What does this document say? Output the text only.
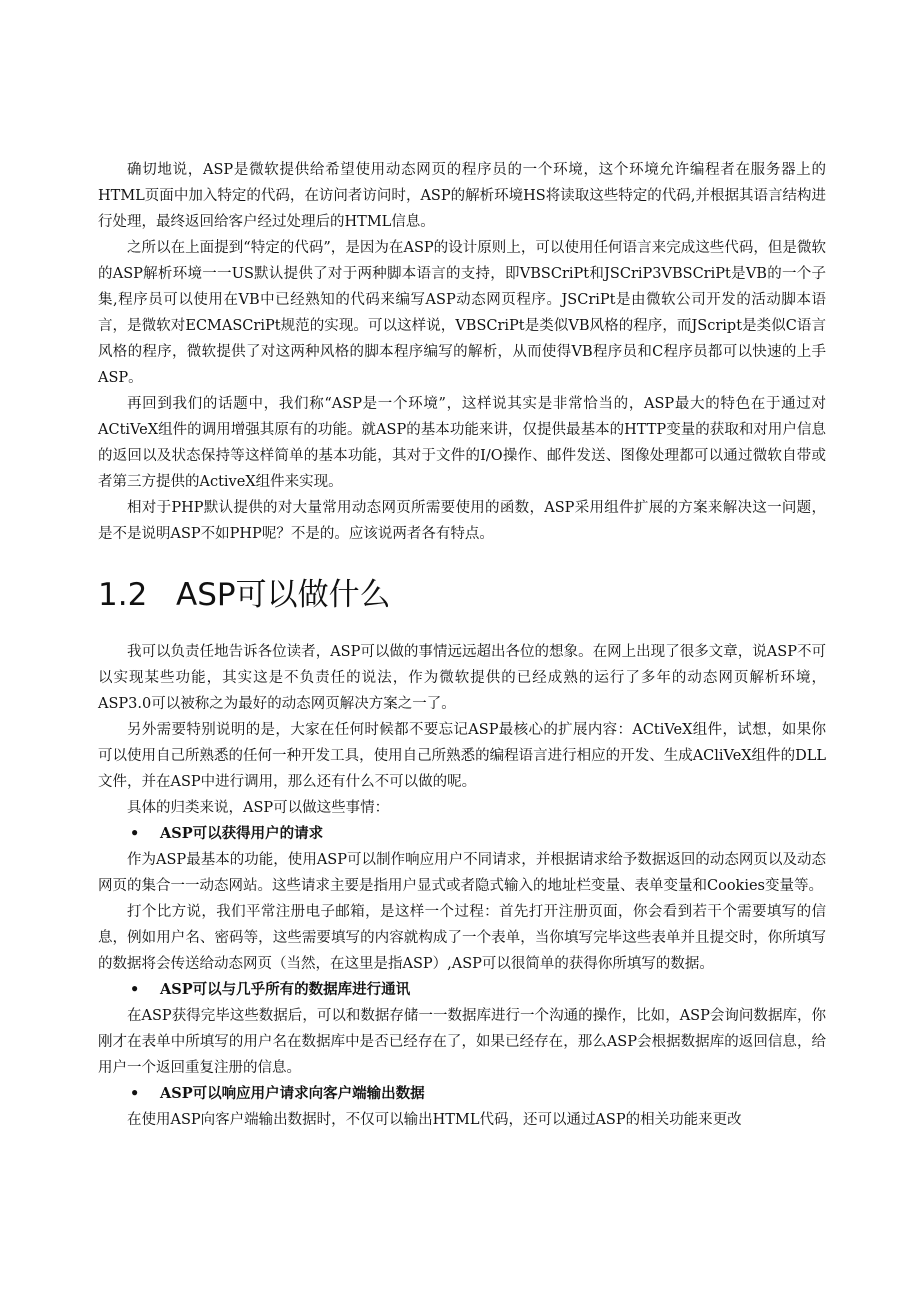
确切地说，ASP是微软提供给希望使用动态网页的程序员的一个环境，这个环境允许编程者在服务器上的HTML页面中加入特定的代码，在访问者访问时，ASP的解析环境HS将读取这些特定的代码,并根据其语言结构进行处理，最终返回给客户经过处理后的HTML信息。

之所以在上面提到“特定的代码”，是因为在ASP的设计原则上，可以使用任何语言来完成这些代码，但是微软的ASP解析环境一一US默认提供了对于两种脚本语言的支持，即VBSCriPt和JSCriP3VBSCriPt是VB的一个子集,程序员可以使用在VB中已经熟知的代码来编写ASP动态网页程序。JSCriPt是由微软公司开发的活动脚本语言，是微软对ECMASCriPt规范的实现。可以这样说，VBSCriPt是类似VB风格的程序，而JScript是类似C语言风格的程序，微软提供了对这两种风格的脚本程序编写的解析，从而使得VB程序员和C程序员都可以快速的上手ASP。

再回到我们的话题中，我们称“ASP是一个环境”，这样说其实是非常恰当的，ASP最大的特色在于通过对ACtiVeX组件的调用增强其原有的功能。就ASP的基本功能来讲，仅提供最基本的HTTP变量的获取和对用户信息的返回以及状态保持等这样简单的基本功能，其对于文件的I/O操作、邮件发送、图像处理都可以通过微软自带或者第三方提供的ActiveX组件来实现。

相对于PHP默认提供的对大量常用动态网页所需要使用的函数，ASP采用组件扩展的方案来解决这一问题，是不是说明ASP不如PHP呢？不是的。应该说两者各有特点。

1.2 ASP可以做什么

我可以负责任地告诉各位读者，ASP可以做的事情远远超出各位的想象。在网上出现了很多文章，说ASP不可以实现某些功能，其实这是不负责任的说法，作为微软提供的已经成熟的运行了多年的动态网页解析环境，ASP3.0可以被称之为最好的动态网页解决方案之一了。

另外需要特别说明的是，大家在任何时候都不要忘记ASP最核心的扩展内容：ACtiVeX组件，试想，如果你可以使用自己所熟悉的任何一种开发工具，使用自己所熟悉的编程语言进行相应的开发、生成ACliVeX组件的DLL文件，并在ASP中进行调用，那么还有什么不可以做的呢。

具体的归类来说，ASP可以做这些事情：

• ASP可以获得用户的请求

作为ASP最基本的功能，使用ASP可以制作响应用户不同请求，并根据请求给予数据返回的动态网页以及动态网页的集合一一动态网站。这些请求主要是指用户显式或者隐式输入的地址栏变量、表单变量和Cookies变量等。

打个比方说，我们平常注册电子邮箱，是这样一个过程：首先打开注册页面，你会看到若干个需要填写的信息，例如用户名、密码等，这些需要填写的内容就构成了一个表单，当你填写完毕这些表单并且提交时，你所填写的数据将会传送给动态网页（当然，在这里是指ASP）,ASP可以很简单的获得你所填写的数据。

• ASP可以与几乎所有的数据库进行通讯

在ASP获得完毕这些数据后，可以和数据存储一一数据库进行一个沟通的操作，比如，ASP会询问数据库，你刚才在表单中所填写的用户名在数据库中是否已经存在了，如果已经存在，那么ASP会根据数据库的返回信息，给用户一个返回重复注册的信息。

• ASP可以响应用户请求向客户端输出数据

在使用ASP向客户端输出数据时，不仅可以输出HTML代码，还可以通过ASP的相关功能来更改
